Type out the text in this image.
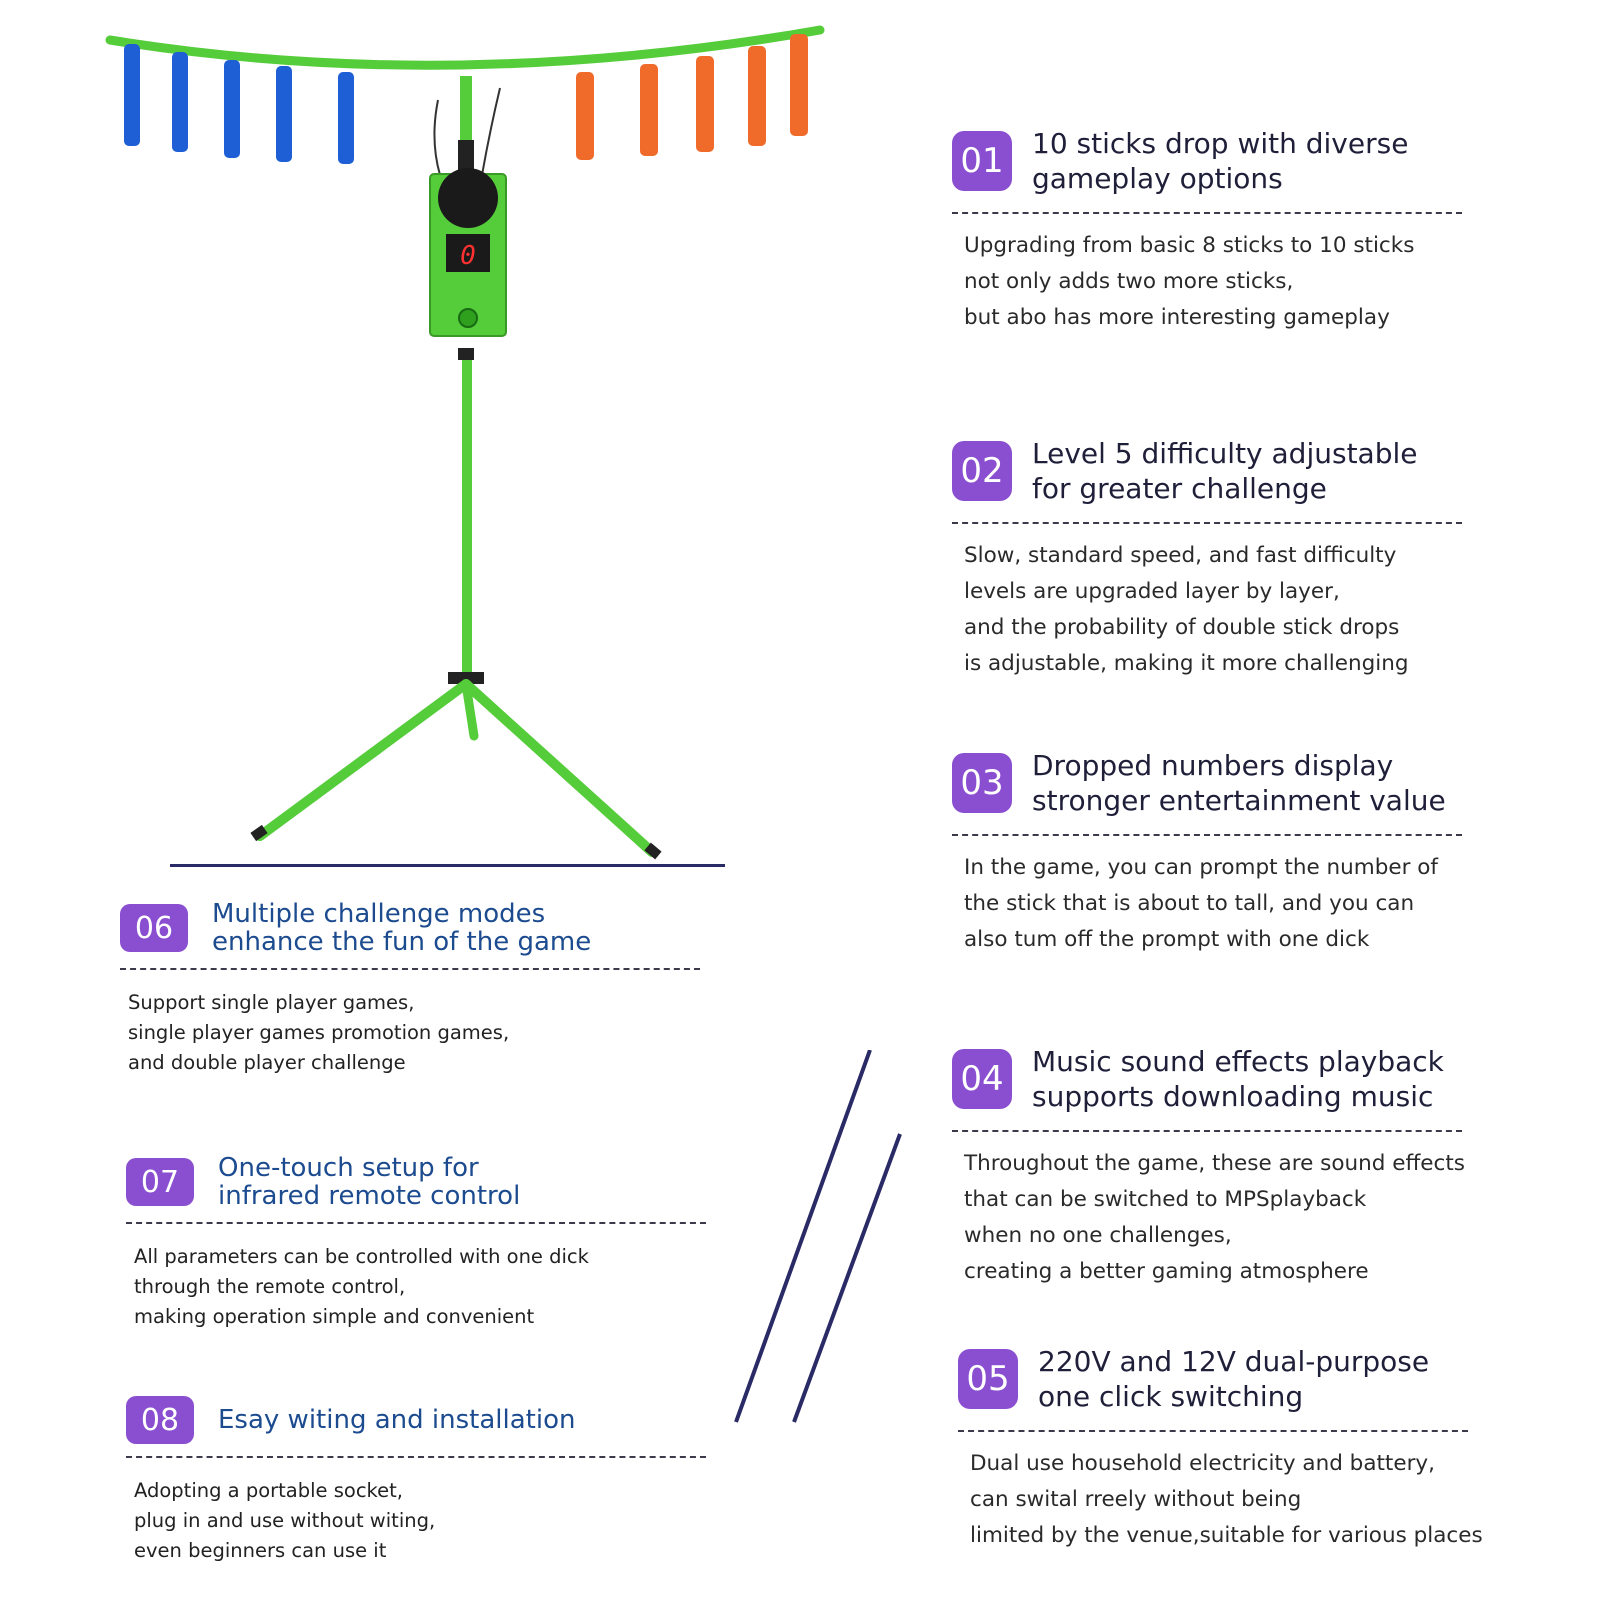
0
01 10 sticks drop with diverse
gameplay options
Upgrading from basic 8 sticks to 10 sticks
not only adds two more sticks,
but abo has more interesting gameplay
02 Level 5 difficulty adjustable
for greater challenge
Slow, standard speed, and fast difficulty
levels are upgraded layer by layer,
and the probability of double stick drops
is adjustable, making it more challenging
03 Dropped numbers display
stronger entertainment value
In the game, you can prompt the number of
the stick that is about to tall, and you can
also tum off the prompt with one dick
04 Music sound effects playback
supports downloading music
Throughout the game, these are sound effects
that can be switched to MPSplayback
when no one challenges,
creating a better gaming atmosphere
05 220V and 12V dual-purpose
one click switching
Dual use household electricity and battery,
can swital rreely without being
limited by the venue,suitable for various places
06	Multiple challenge modes
enhance the fun of the game
Support single player games,
single player games promotion games,
and double player challenge
07	One-touch setup for
infrared remote control
All parameters can be controlled with one dick
through the remote control,
making operation simple and convenient
08	Esay witing and installation
Adopting a portable socket,
plug in and use without witing,
even beginners can use it
